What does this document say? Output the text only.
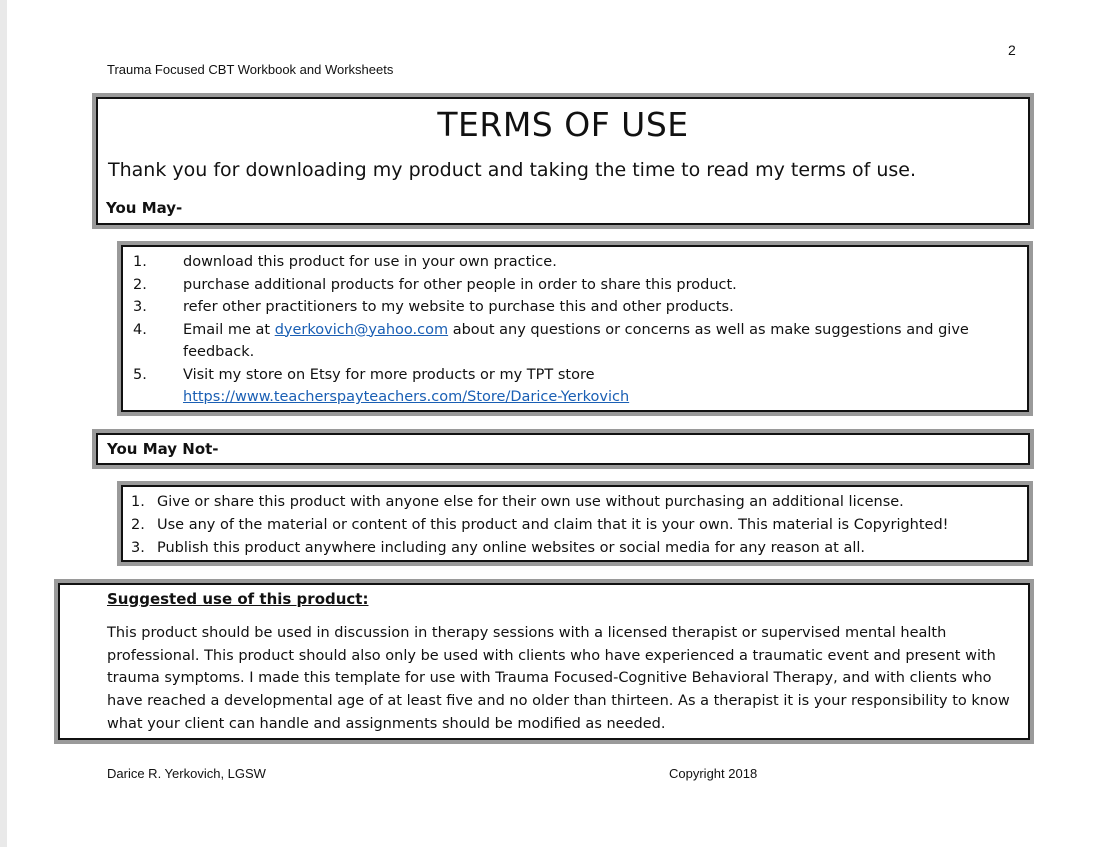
2
Trauma Focused CBT Workbook and Worksheets
TERMS OF USE
Thank you for downloading my product and taking the time to read my terms of use.
You May-
1.	download this product for use in your own practice.
2.	purchase additional products for other people in order to share this product.
3.	refer other practitioners to my website to purchase this and other products.
4.	Email me at dyerkovich@yahoo.com about any questions or concerns as well as make suggestions and give feedback.
5.	Visit my store on Etsy for more products or my TPT store
https://www.teacherspayteachers.com/Store/Darice-Yerkovich
You May Not-
1. Give or share this product with anyone else for their own use without purchasing an additional license.
2. Use any of the material or content of this product and claim that it is your own. This material is Copyrighted!
3. Publish this product anywhere including any online websites or social media for any reason at all.
Suggested use of this product:

This product should be used in discussion in therapy sessions with a licensed therapist or supervised mental health professional. This product should also only be used with clients who have experienced a traumatic event and present with trauma symptoms. I made this template for use with Trauma Focused-Cognitive Behavioral Therapy, and with clients who have reached a developmental age of at least five and no older than thirteen. As a therapist it is your responsibility to know what your client can handle and assignments should be modified as needed.

Darice R. Yerkovich, LGSW	Copyright 2018
